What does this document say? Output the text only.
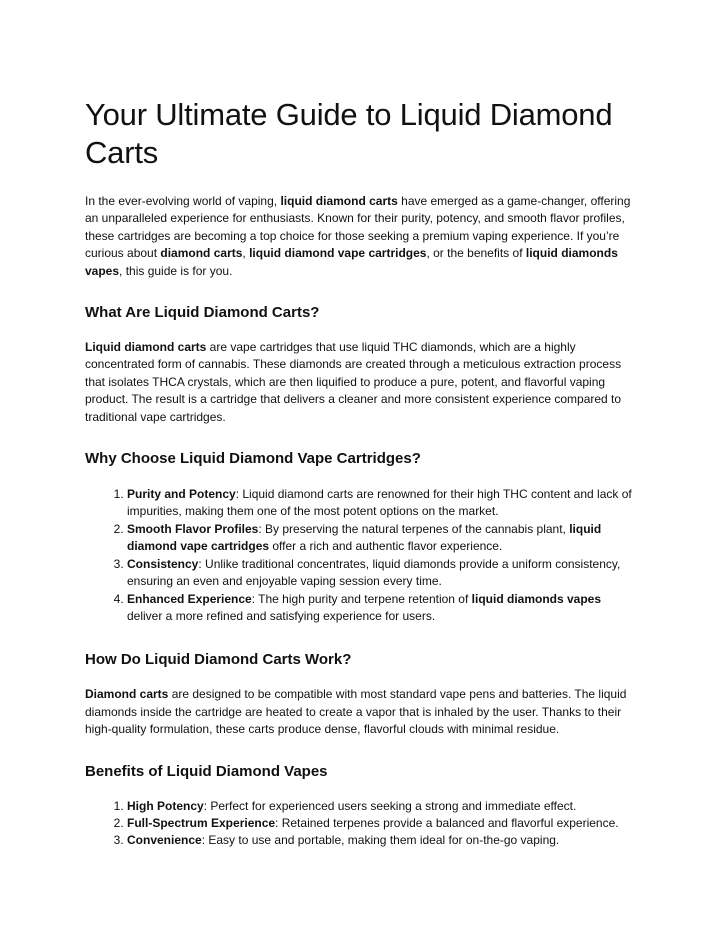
Your Ultimate Guide to Liquid Diamond Carts

In the ever-evolving world of vaping, liquid diamond carts have emerged as a game-changer, offering an unparalleled experience for enthusiasts. Known for their purity, potency, and smooth flavor profiles, these cartridges are becoming a top choice for those seeking a premium vaping experience. If you’re curious about diamond carts, liquid diamond vape cartridges, or the benefits of liquid diamonds vapes, this guide is for you.

What Are Liquid Diamond Carts?

Liquid diamond carts are vape cartridges that use liquid THC diamonds, which are a highly concentrated form of cannabis. These diamonds are created through a meticulous extraction process that isolates THCA crystals, which are then liquified to produce a pure, potent, and flavorful vaping product. The result is a cartridge that delivers a cleaner and more consistent experience compared to traditional vape cartridges.

Why Choose Liquid Diamond Vape Cartridges?
1. Purity and Potency: Liquid diamond carts are renowned for their high THC content and lack of impurities, making them one of the most potent options on the market.
2. Smooth Flavor Profiles: By preserving the natural terpenes of the cannabis plant, liquid diamond vape cartridges offer a rich and authentic flavor experience.
3. Consistency: Unlike traditional concentrates, liquid diamonds provide a uniform consistency, ensuring an even and enjoyable vaping session every time.
4. Enhanced Experience: The high purity and terpene retention of liquid diamonds vapes deliver a more refined and satisfying experience for users.
How Do Liquid Diamond Carts Work?

Diamond carts are designed to be compatible with most standard vape pens and batteries. The liquid diamonds inside the cartridge are heated to create a vapor that is inhaled by the user. Thanks to their high-quality formulation, these carts produce dense, flavorful clouds with minimal residue.

Benefits of Liquid Diamond Vapes
1. High Potency: Perfect for experienced users seeking a strong and immediate effect.
2. Full-Spectrum Experience: Retained terpenes provide a balanced and flavorful experience.
3. Convenience: Easy to use and portable, making them ideal for on-the-go vaping.
